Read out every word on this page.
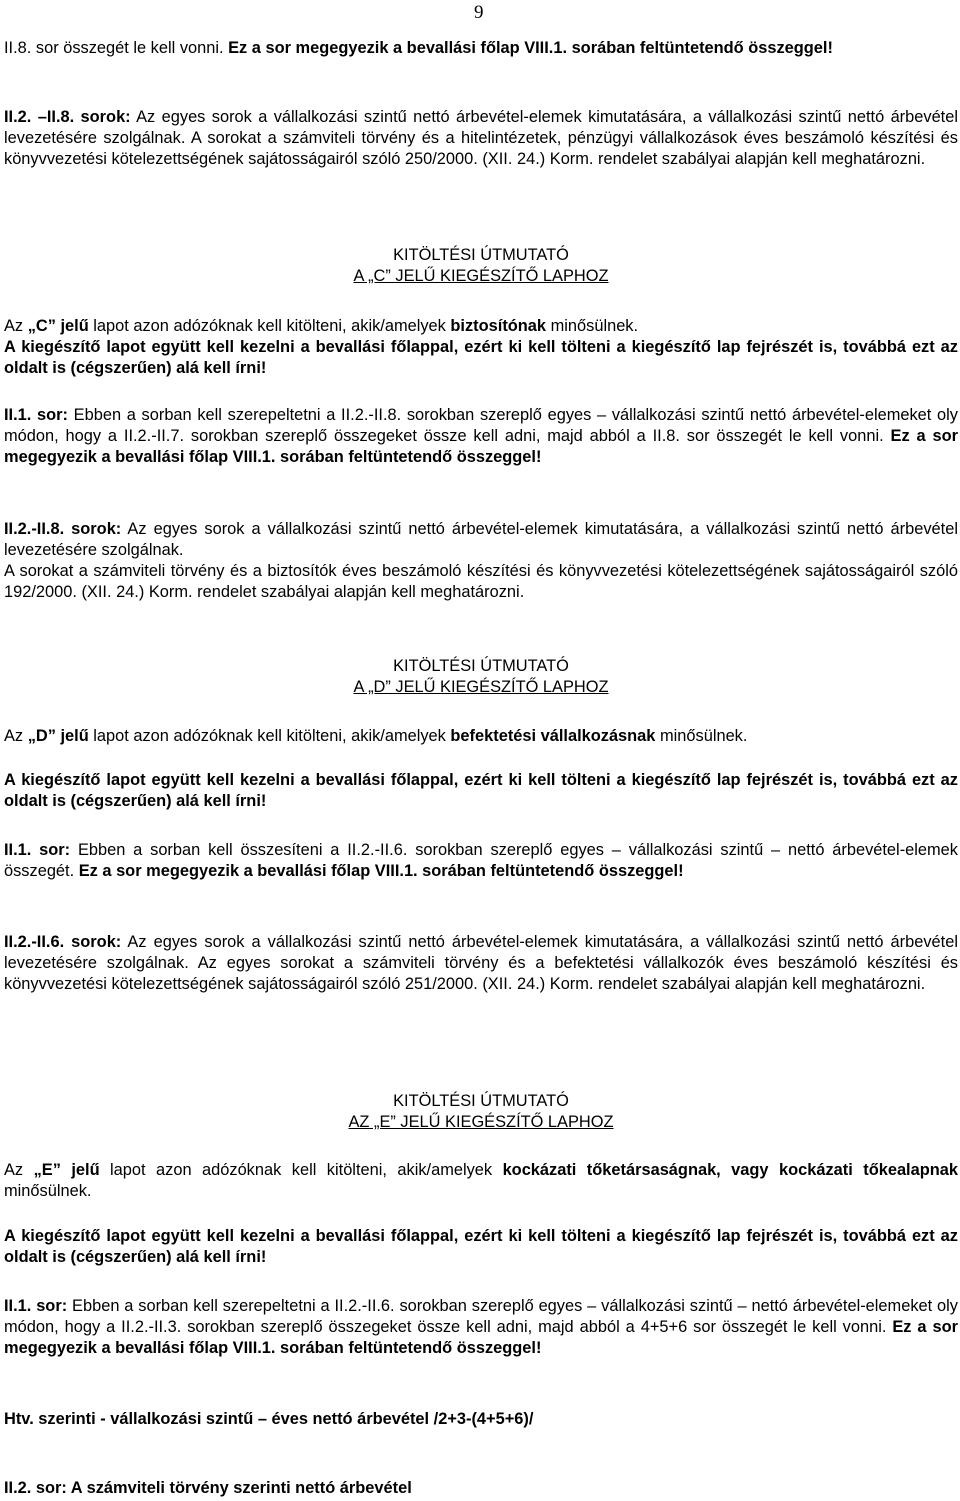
9

II.8. sor összegét le kell vonni. Ez a sor megegyezik a bevallási főlap VIII.1. sorában feltüntetendő összeggel!

II.2. –II.8. sorok: Az egyes sorok a vállalkozási szintű nettó árbevétel-elemek kimutatására, a vállalkozási szintű nettó árbevétel levezetésére szolgálnak. A sorokat a számviteli törvény és a hitelintézetek, pénzügyi vállalkozások éves beszámoló készítési és könyvvezetési kötelezettségének sajátosságairól szóló 250/2000. (XII. 24.) Korm. rendelet szabályai alapján kell meghatározni.

KITÖLTÉSI ÚTMUTATÓ
A „C” JELŰ KIEGÉSZÍTŐ LAPHOZ

Az „C” jelű lapot azon adózóknak kell kitölteni, akik/amelyek biztosítónak minősülnek.

A kiegészítő lapot együtt kell kezelni a bevallási főlappal, ezért ki kell tölteni a kiegészítő lap fejrészét is, továbbá ezt az oldalt is (cégszerűen) alá kell írni!

II.1. sor: Ebben a sorban kell szerepeltetni a II.2.-II.8. sorokban szereplő egyes – vállalkozási szintű nettó árbevétel-elemeket oly módon, hogy a II.2.-II.7. sorokban szereplő összegeket össze kell adni, majd abból a II.8. sor összegét le kell vonni. Ez a sor megegyezik a bevallási főlap VIII.1. sorában feltüntetendő összeggel!

II.2.-II.8. sorok: Az egyes sorok a vállalkozási szintű nettó árbevétel-elemek kimutatására, a vállalkozási szintű nettó árbevétel levezetésére szolgálnak.

A sorokat a számviteli törvény és a biztosítók éves beszámoló készítési és könyvvezetési kötelezettségének sajátosságairól szóló 192/2000. (XII. 24.) Korm. rendelet szabályai alapján kell meghatározni.

KITÖLTÉSI ÚTMUTATÓ
A „D” JELŰ KIEGÉSZÍTŐ LAPHOZ

Az „D” jelű lapot azon adózóknak kell kitölteni, akik/amelyek befektetési vállalkozásnak minősülnek.

A kiegészítő lapot együtt kell kezelni a bevallási főlappal, ezért ki kell tölteni a kiegészítő lap fejrészét is, továbbá ezt az oldalt is (cégszerűen) alá kell írni!

II.1. sor: Ebben a sorban kell összesíteni a II.2.-II.6. sorokban szereplő egyes – vállalkozási szintű – nettó árbevétel-elemek összegét. Ez a sor megegyezik a bevallási főlap VIII.1. sorában feltüntetendő összeggel!

II.2.-II.6. sorok: Az egyes sorok a vállalkozási szintű nettó árbevétel-elemek kimutatására, a vállalkozási szintű nettó árbevétel levezetésére szolgálnak. Az egyes sorokat a számviteli törvény és a befektetési vállalkozók éves beszámoló készítési és könyvvezetési kötelezettségének sajátosságairól szóló 251/2000. (XII. 24.) Korm. rendelet szabályai alapján kell meghatározni.

KITÖLTÉSI ÚTMUTATÓ
AZ „E” JELŰ KIEGÉSZÍTŐ LAPHOZ

Az „E” jelű lapot azon adózóknak kell kitölteni, akik/amelyek kockázati tőketársaságnak, vagy kockázati tőkealapnak minősülnek.

A kiegészítő lapot együtt kell kezelni a bevallási főlappal, ezért ki kell tölteni a kiegészítő lap fejrészét is, továbbá ezt az oldalt is (cégszerűen) alá kell írni!

II.1. sor: Ebben a sorban kell szerepeltetni a II.2.-II.6. sorokban szereplő egyes – vállalkozási szintű – nettó árbevétel-elemeket oly módon, hogy a II.2.-II.3. sorokban szereplő összegeket össze kell adni, majd abból a 4+5+6 sor összegét le kell vonni. Ez a sor megegyezik a bevallási főlap VIII.1. sorában feltüntetendő összeggel!

Htv. szerinti - vállalkozási szintű – éves nettó árbevétel /2+3-(4+5+6)/

II.2. sor: A számviteli törvény szerinti nettó árbevétel
